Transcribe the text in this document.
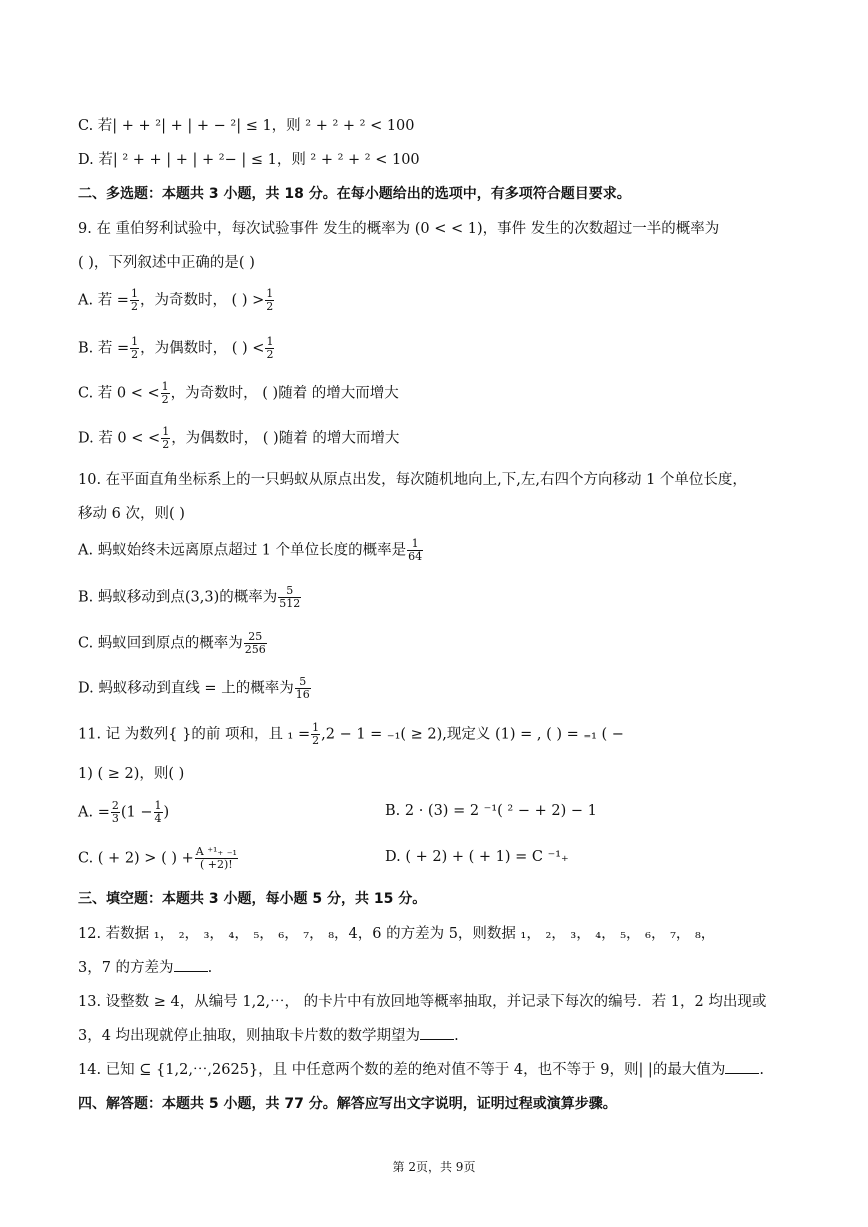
C. 若| + + ²| + | + − ²| ≤ 1，则 ² + ² + ² < 100
D. 若| ² + + | + | + ²− | ≤ 1，则 ² + ² + ² < 100
二、多选题：本题共 3 小题，共 18 分。在每小题给出的选项中，有多项符合题目要求。
9. 在 重伯努利试验中，每次试验事件 发生的概率为 (0 < < 1)，事件 发生的次数超过一半的概率为
( )，下列叙述中正确的是( )
A. 若 = $\frac{1}{2}$ ，为奇数时， ( ) > $\frac{1}{2}$
B. 若 = $\frac{1}{2}$ ，为偶数时， ( ) < $\frac{1}{2}$
C. 若 0 < < $\frac{1}{2}$ ，为奇数时， ( )随着 的增大而增大
D. 若 0 < < $\frac{1}{2}$ ，为偶数时， ( )随着 的增大而增大
10. 在平面直角坐标系上的一只蚂蚁从原点出发，每次随机地向上,下,左,右四个方向移动 1 个单位长度，
移动 6 次，则( )
A. 蚂蚁始终未远离原点超过 1 个单位长度的概率是 $\frac{1}{64}$
B. 蚂蚁移动到点(3,3)的概率为 $\frac{5}{512}$
C. 蚂蚁回到原点的概率为 $\frac{25}{256}$
D. 蚂蚁移动到直线 = 上的概率为 $\frac{5}{16}$
11. 记 为数列{ }的前 项和，且 $_1 = \frac{1}{2} ,2 - 1 = _{-1}( \ge 2)$,现定义 (1) = , ( ) = ₌₁ ( −
1) ( ≥ 2)，则( )
A. = $\frac{2}{3} (1 - \frac{1}{4}$ )	B. 2 · (3) = 2 ⁻¹( ² − + 2) − 1
C. ( + 2) > ( ) + $\frac{\text{A ⁺¹₊ ₋₁}}{( +2)!}$	D. ( + 2) + ( + 1) = C ⁻¹₊
三、填空题：本题共 3 小题，每小题 5 分，共 15 分。
12. 若数据 ₁， ₂， ₃， ₄， ₅， ₆， ₇， ₈，4，6 的方差为 5，则数据 ₁， ₂， ₃， ₄， ₅， ₆， ₇， ₈，
3，7 的方差为 .
13. 设整数 ≥ 4，从编号 1,2,⋯， 的卡片中有放回地等概率抽取，并记录下每次的编号．若 1，2 均出现或
3，4 均出现就停止抽取，则抽取卡片数的数学期望为 .
14. 已知 ⊆ {1,2,⋯,2625}，且 中任意两个数的差的绝对值不等于 4，也不等于 9，则| |的最大值为 .
四、解答题：本题共 5 小题，共 77 分。解答应写出文字说明，证明过程或演算步骤。
第 2页，共 9页
